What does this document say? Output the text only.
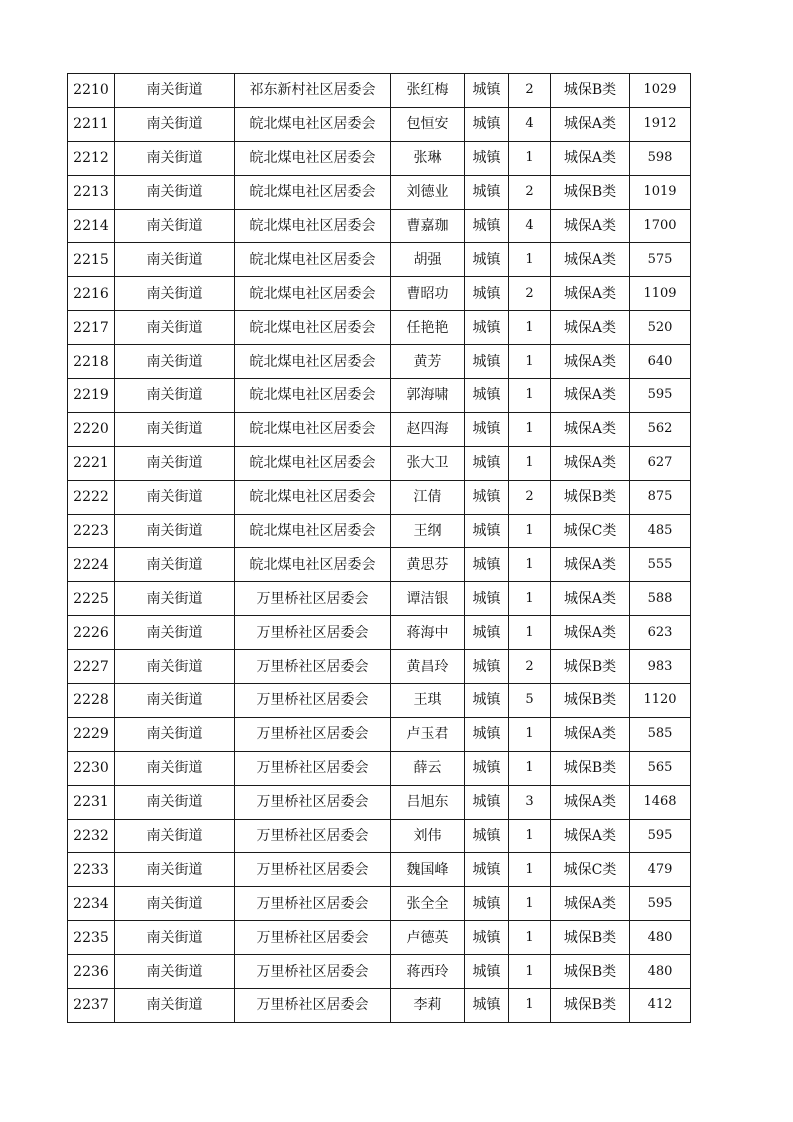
2210	南关街道	祁东新村社区居委会	张红梅	城镇	2	城保B类	1029
2211	南关街道	皖北煤电社区居委会	包恒安	城镇	4	城保A类	1912
2212	南关街道	皖北煤电社区居委会	张琳	城镇	1	城保A类	598
2213	南关街道	皖北煤电社区居委会	刘德业	城镇	2	城保B类	1019
2214	南关街道	皖北煤电社区居委会	曹嘉珈	城镇	4	城保A类	1700
2215	南关街道	皖北煤电社区居委会	胡强	城镇	1	城保A类	575
2216	南关街道	皖北煤电社区居委会	曹昭功	城镇	2	城保A类	1109
2217	南关街道	皖北煤电社区居委会	任艳艳	城镇	1	城保A类	520
2218	南关街道	皖北煤电社区居委会	黄芳	城镇	1	城保A类	640
2219	南关街道	皖北煤电社区居委会	郭海啸	城镇	1	城保A类	595
2220	南关街道	皖北煤电社区居委会	赵四海	城镇	1	城保A类	562
2221	南关街道	皖北煤电社区居委会	张大卫	城镇	1	城保A类	627
2222	南关街道	皖北煤电社区居委会	江倩	城镇	2	城保B类	875
2223	南关街道	皖北煤电社区居委会	王纲	城镇	1	城保C类	485
2224	南关街道	皖北煤电社区居委会	黄思芬	城镇	1	城保A类	555
2225	南关街道	万里桥社区居委会	谭洁银	城镇	1	城保A类	588
2226	南关街道	万里桥社区居委会	蒋海中	城镇	1	城保A类	623
2227	南关街道	万里桥社区居委会	黄昌玲	城镇	2	城保B类	983
2228	南关街道	万里桥社区居委会	王琪	城镇	5	城保B类	1120
2229	南关街道	万里桥社区居委会	卢玉君	城镇	1	城保A类	585
2230	南关街道	万里桥社区居委会	薛云	城镇	1	城保B类	565
2231	南关街道	万里桥社区居委会	吕旭东	城镇	3	城保A类	1468
2232	南关街道	万里桥社区居委会	刘伟	城镇	1	城保A类	595
2233	南关街道	万里桥社区居委会	魏国峰	城镇	1	城保C类	479
2234	南关街道	万里桥社区居委会	张全全	城镇	1	城保A类	595
2235	南关街道	万里桥社区居委会	卢德英	城镇	1	城保B类	480
2236	南关街道	万里桥社区居委会	蒋西玲	城镇	1	城保B类	480
2237	南关街道	万里桥社区居委会	李莉	城镇	1	城保B类	412
